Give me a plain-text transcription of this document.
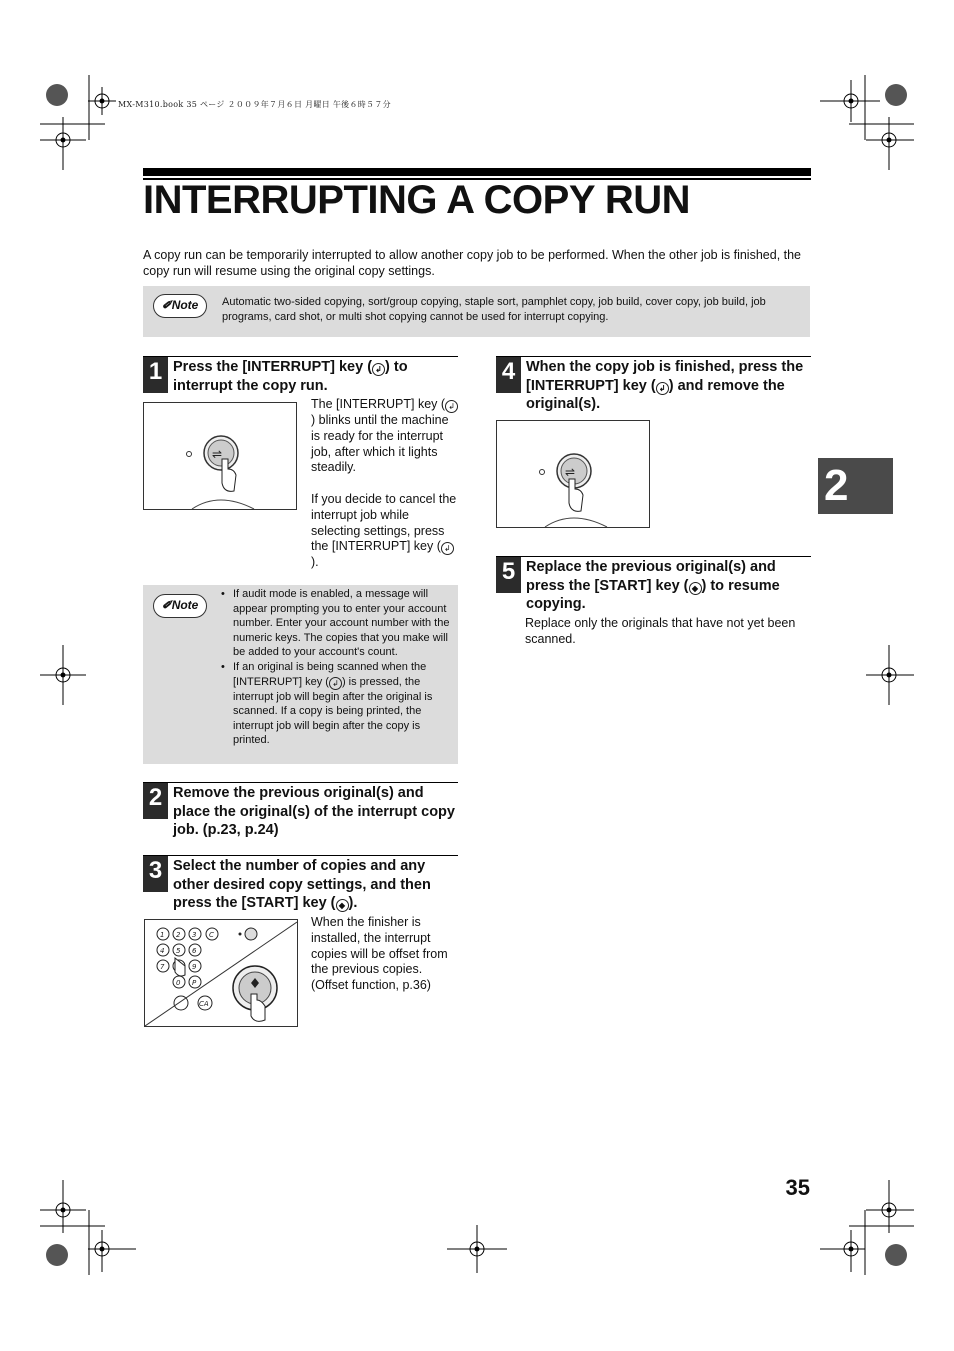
MX-M310.book 35 ページ ２００９年７月６日 月曜日 午後６時５７分
INTERRUPTING A COPY RUN
A copy run can be temporarily interrupted to allow another copy job to be performed. When the other job is finished, the copy run will resume using the original copy settings.
✐Note	Automatic two-sided copying, sort/group copying, staple sort, pamphlet copy, job build, cover copy, job build, job programs, card shot, or multi shot copying cannot be used for interrupt copying.
1 Press the [INTERRUPT] key ( ↲ ) to interrupt the copy run.
⇌
The [INTERRUPT] key ( ↲) blinks until the machine is ready for the interrupt job, after which it lights steadily.
If you decide to cancel the interrupt job while selecting settings, press the [INTERRUPT] key ( ↲).
✐Note
• If audit mode is enabled, a message will appear prompting you to enter your account number. Enter your account number with the numeric keys. The copies that you make will be added to your account's count.
• If an original is being scanned when the [INTERRUPT] key ( ↲ ) is pressed, the interrupt job will begin after the original is scanned. If a copy is being printed, the interrupt job will begin after the copy is printed.
2 Remove the previous original(s) and place the original(s) of the interrupt copy job. (p.23, p.24)
3 Select the number of copies and any other desired copy settings, and then press the [START] key ( ◆ ).
1 2 3 C
4 5 6
7	9
0 P
CA
When the finisher is installed, the interrupt copies will be offset from the previous copies. (Offset function, p.36)
4 When the copy job is finished, press the [INTERRUPT] key ( ↲ ) and remove the original(s).
⇌
5 Replace the previous original(s) and press the [START] key ( ◆ ) to resume copying.
Replace only the originals that have not yet been scanned.
2
35
